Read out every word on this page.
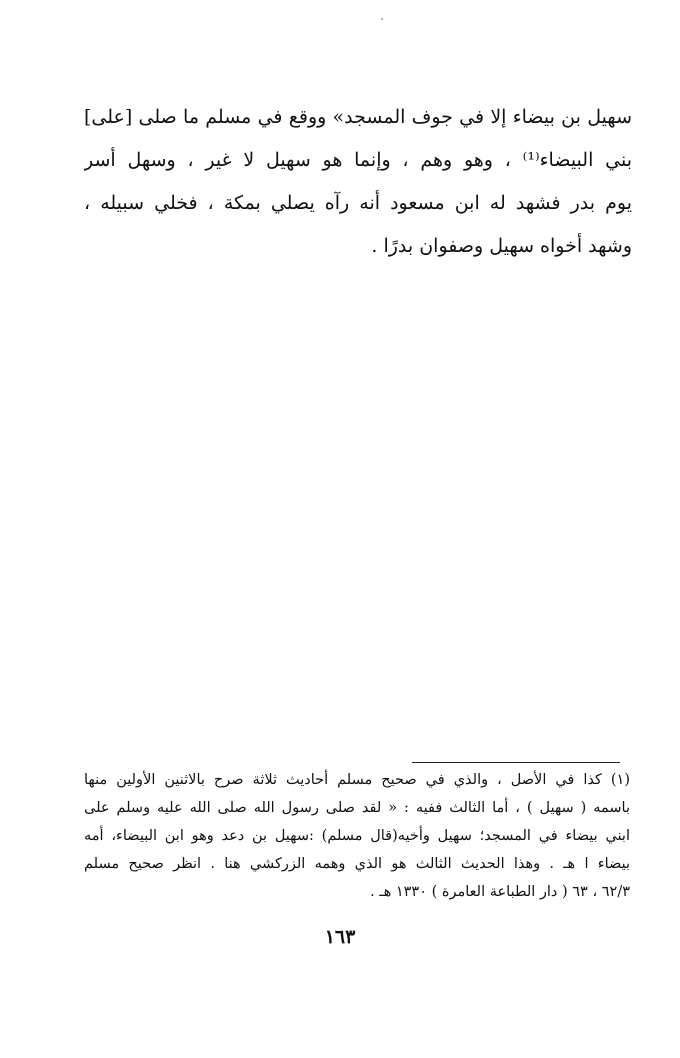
سهيل بن بيضاء إلا في جوف المسجد» ووقع في مسلم ما صلى [على]
بني البيضاء⁽¹⁾ ، وهو وهم ، وإنما هو سهيل لا غير ، وسهل أسر
يوم بدر فشهد له ابن مسعود أنه رآه يصلي بمكة ، فخلي سبيله ،
وشهد أخواه سهيل وصفوان بدرًا .
(١) كذا في الأصل ، والذي في صحيح مسلم أحاديث ثلاثة صرح بالاثنين الأولين منها
باسمه ( سهيل ) ، أما الثالث ففيه : « لقد صلى رسول الله صلى الله عليه وسلم على
ابني بيضاء في المسجد؛ سهيل وأخيه(قال مسلم) :سهيل بن دعد وهو ابن البيضاء، أمه
بيضاء ا هـ . وهذا الحديث الثالث هو الذي وهمه الزركشي هنا . انظر صحيح مسلم
٦٢/٣ ، ٦٣ ( دار الطباعة العامرة ) ١٣٣٠ هـ .
١٦٣
